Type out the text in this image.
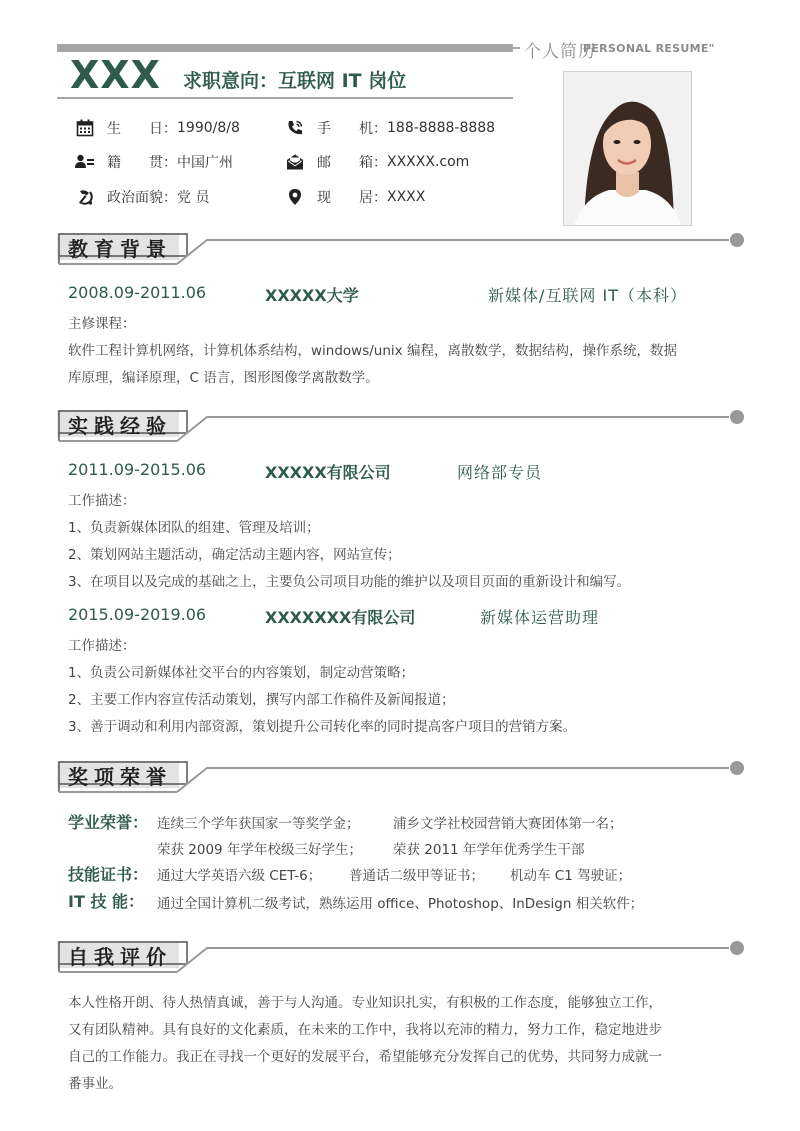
个人简历
PERSONAL RESUME"
XXX 求职意向：互联网 IT 岗位
生　　日： 1990/8/8	手　　机： 188-8888-8888
籍　　贯： 中国广州	邮　　箱： XXXXX.com
政治面貌： 党 员	现　　居： XXXX
教育背景
2008.09-2011.06	XXXXX大学	新媒体/互联网 IT（本科）
主修课程：
软件工程计算机网络，计算机体系结构，windows/unix 编程，离散数学，数据结构，操作系统，数据
库原理，编译原理，C 语言，图形图像学离散数学。
实践经验
2011.09-2015.06	XXXXX有限公司	网络部专员
工作描述：
1、负责新媒体团队的组建、管理及培训；
2、策划网站主题活动，确定活动主题内容，网站宣传；
3、在项目以及完成的基础之上，主要负公司项目功能的维护以及项目页面的重新设计和编写。
2015.09-2019.06	XXXXXXX有限公司	新媒体运营助理
工作描述：
1、负责公司新媒体社交平台的内容策划，制定动营策略；
2、主要工作内容宣传活动策划，撰写内部工作稿件及新闻报道；
3、善于调动和利用内部资源，策划提升公司转化率的同时提高客户项目的营销方案。
奖项荣誉
学业荣誉： 连续三个学年获国家一等奖学金； 浦乡文学社校园营销大赛团体第一名；
荣获 2009 年学年校级三好学生； 荣获 2011 年学年优秀学生干部
技能证书： 通过大学英语六级 CET-6； 普通话二级甲等证书； 机动车 C1 驾驶证；
IT 技 能： 通过全国计算机二级考试，熟练运用 office、Photoshop、InDesign 相关软件；
自我评价
本人性格开朗、待人热情真诚，善于与人沟通。专业知识扎实，有积极的工作态度，能够独立工作，
又有团队精神。具有良好的文化素质，在未来的工作中，我将以充沛的精力，努力工作，稳定地进步
自己的工作能力。我正在寻找一个更好的发展平台，希望能够充分发挥自己的优势，共同努力成就一
番事业。
